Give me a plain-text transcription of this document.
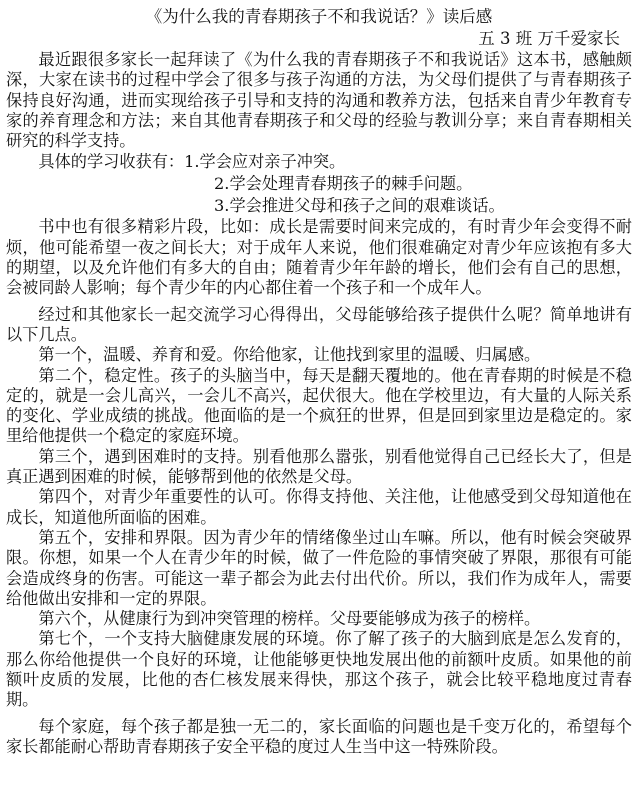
《为什么我的青春期孩子不和我说话？》读后感

五 3 班 万千爱家长

最近跟很多家长一起拜读了《为什么我的青春期孩子不和我说话》这本书，感触颇深，大家在读书的过程中学会了很多与孩子沟通的方法，为父母们提供了与青春期孩子保持良好沟通，进而实现给孩子引导和支持的沟通和教养方法，包括来自青少年教育专家的养育理念和方法；来自其他青春期孩子和父母的经验与教训分享；来自青春期相关研究的科学支持。

具体的学习收获有：1.学会应对亲子冲突。

2.学会处理青春期孩子的棘手问题。

3.学会推进父母和孩子之间的艰难谈话。

书中也有很多精彩片段，比如：成长是需要时间来完成的，有时青少年会变得不耐烦，他可能希望一夜之间长大；对于成年人来说，他们很难确定对青少年应该抱有多大的期望，以及允许他们有多大的自由；随着青少年年龄的增长，他们会有自己的思想，会被同龄人影响；每个青少年的内心都住着一个孩子和一个成年人。

经过和其他家长一起交流学习心得得出，父母能够给孩子提供什么呢？简单地讲有以下几点。

第一个，温暖、养育和爱。你给他家，让他找到家里的温暖、归属感。

第二个，稳定性。孩子的头脑当中，每天是翻天覆地的。他在青春期的时候是不稳定的，就是一会儿高兴，一会儿不高兴，起伏很大。他在学校里边，有大量的人际关系的变化、学业成绩的挑战。他面临的是一个疯狂的世界，但是回到家里边是稳定的。家里给他提供一个稳定的家庭环境。

第三个，遇到困难时的支持。别看他那么嚣张，别看他觉得自己已经长大了，但是真正遇到困难的时候，能够帮到他的依然是父母。

第四个，对青少年重要性的认可。你得支持他、关注他，让他感受到父母知道他在成长，知道他所面临的困难。

第五个，安排和界限。因为青少年的情绪像坐过山车嘛。所以，他有时候会突破界限。你想，如果一个人在青少年的时候，做了一件危险的事情突破了界限，那很有可能会造成终身的伤害。可能这一辈子都会为此去付出代价。所以，我们作为成年人，需要给他做出安排和一定的界限。

第六个，从健康行为到冲突管理的榜样。父母要能够成为孩子的榜样。

第七个，一个支持大脑健康发展的环境。你了解了孩子的大脑到底是怎么发育的，那么你给他提供一个良好的环境，让他能够更快地发展出他的前额叶皮质。如果他的前额叶皮质的发展，比他的杏仁核发展来得快，那这个孩子，就会比较平稳地度过青春期。

每个家庭，每个孩子都是独一无二的，家长面临的问题也是千变万化的，希望每个家长都能耐心帮助青春期孩子安全平稳的度过人生当中这一特殊阶段。
